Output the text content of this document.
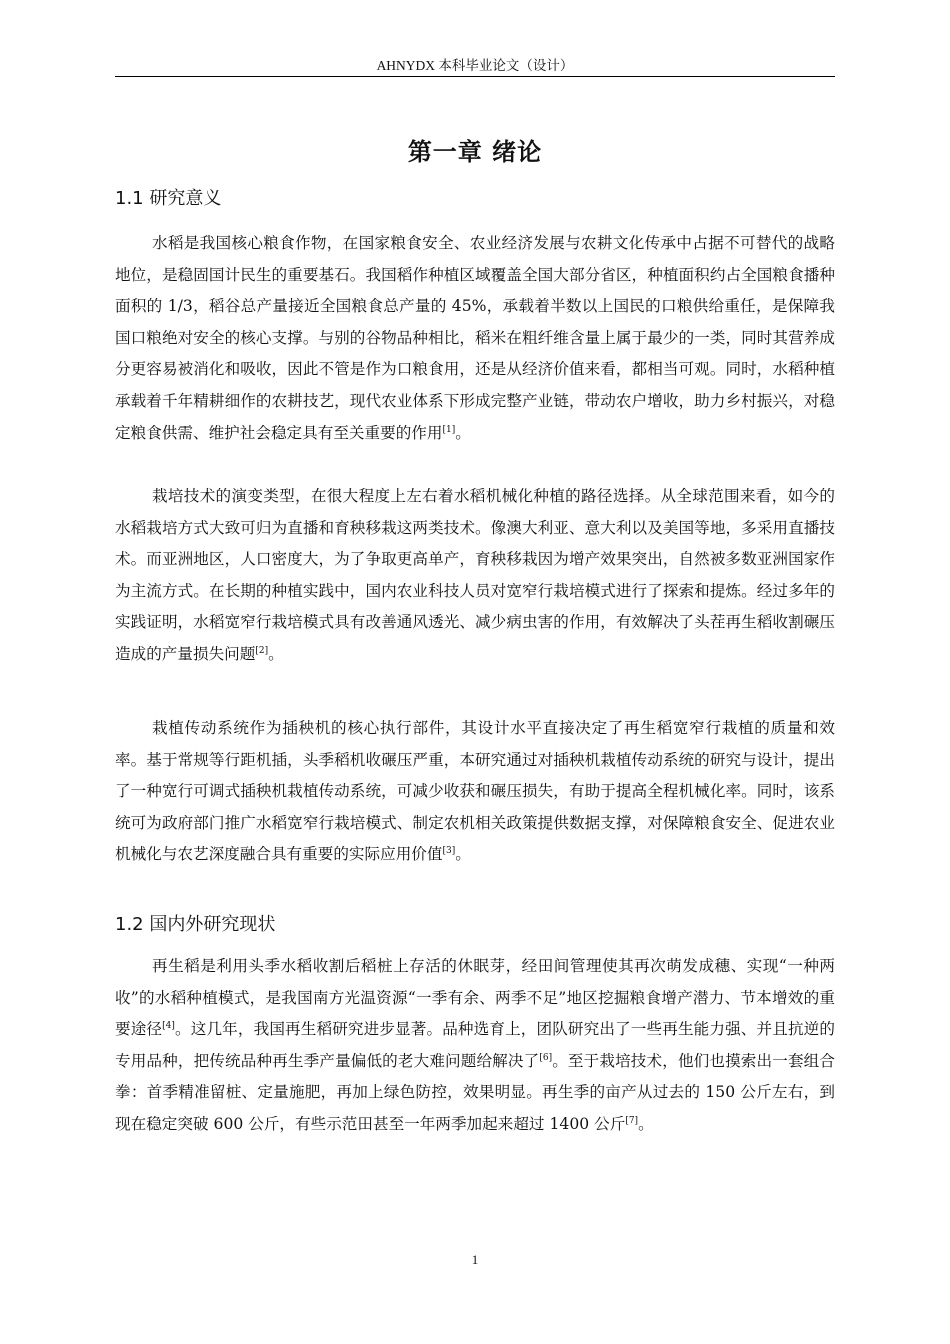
AHNYDX 本科毕业论文（设计）
第一章 绪论
1.1 研究意义

水稻是我国核心粮食作物，在国家粮食安全、农业经济发展与农耕文化传承中占据不可替代的战略地位，是稳固国计民生的重要基石。我国稻作种植区域覆盖全国大部分省区，种植面积约占全国粮食播种面积的 1/3，稻谷总产量接近全国粮食总产量的 45%，承载着半数以上国民的口粮供给重任，是保障我国口粮绝对安全的核心支撑。与别的谷物品种相比，稻米在粗纤维含量上属于最少的一类，同时其营养成分更容易被消化和吸收，因此不管是作为口粮食用，还是从经济价值来看，都相当可观。同时，水稻种植承载着千年精耕细作的农耕技艺，现代农业体系下形成完整产业链，带动农户增收，助力乡村振兴，对稳定粮食供需、维护社会稳定具有至关重要的作用[1]。

栽培技术的演变类型，在很大程度上左右着水稻机械化种植的路径选择。从全球范围来看，如今的水稻栽培方式大致可归为直播和育秧移栽这两类技术。像澳大利亚、意大利以及美国等地，多采用直播技术。而亚洲地区，人口密度大，为了争取更高单产，育秧移栽因为增产效果突出，自然被多数亚洲国家作为主流方式。在长期的种植实践中，国内农业科技人员对宽窄行栽培模式进行了探索和提炼。经过多年的实践证明，水稻宽窄行栽培模式具有改善通风透光、减少病虫害的作用，有效解决了头茬再生稻收割碾压造成的产量损失问题[2]。

栽植传动系统作为插秧机的核心执行部件，其设计水平直接决定了再生稻宽窄行栽植的质量和效率。基于常规等行距机插，头季稻机收碾压严重，本研究通过对插秧机栽植传动系统的研究与设计，提出了一种宽行可调式插秧机栽植传动系统，可减少收获和碾压损失，有助于提高全程机械化率。同时，该系统可为政府部门推广水稻宽窄行栽培模式、制定农机相关政策提供数据支撑，对保障粮食安全、促进农业机械化与农艺深度融合具有重要的实际应用价值[3]。

1.2 国内外研究现状

再生稻是利用头季水稻收割后稻桩上存活的休眠芽，经田间管理使其再次萌发成穗、实现“一种两收”的水稻种植模式，是我国南方光温资源“一季有余、两季不足”地区挖掘粮食增产潜力、节本增效的重要途径[4]。这几年，我国再生稻研究进步显著。品种选育上，团队研究出了一些再生能力强、并且抗逆的专用品种，把传统品种再生季产量偏低的老大难问题给解决了[6]。至于栽培技术，他们也摸索出一套组合拳：首季精准留桩、定量施肥，再加上绿色防控，效果明显。再生季的亩产从过去的 150 公斤左右，到现在稳定突破 600 公斤，有些示范田甚至一年两季加起来超过 1400 公斤[7]。

1
